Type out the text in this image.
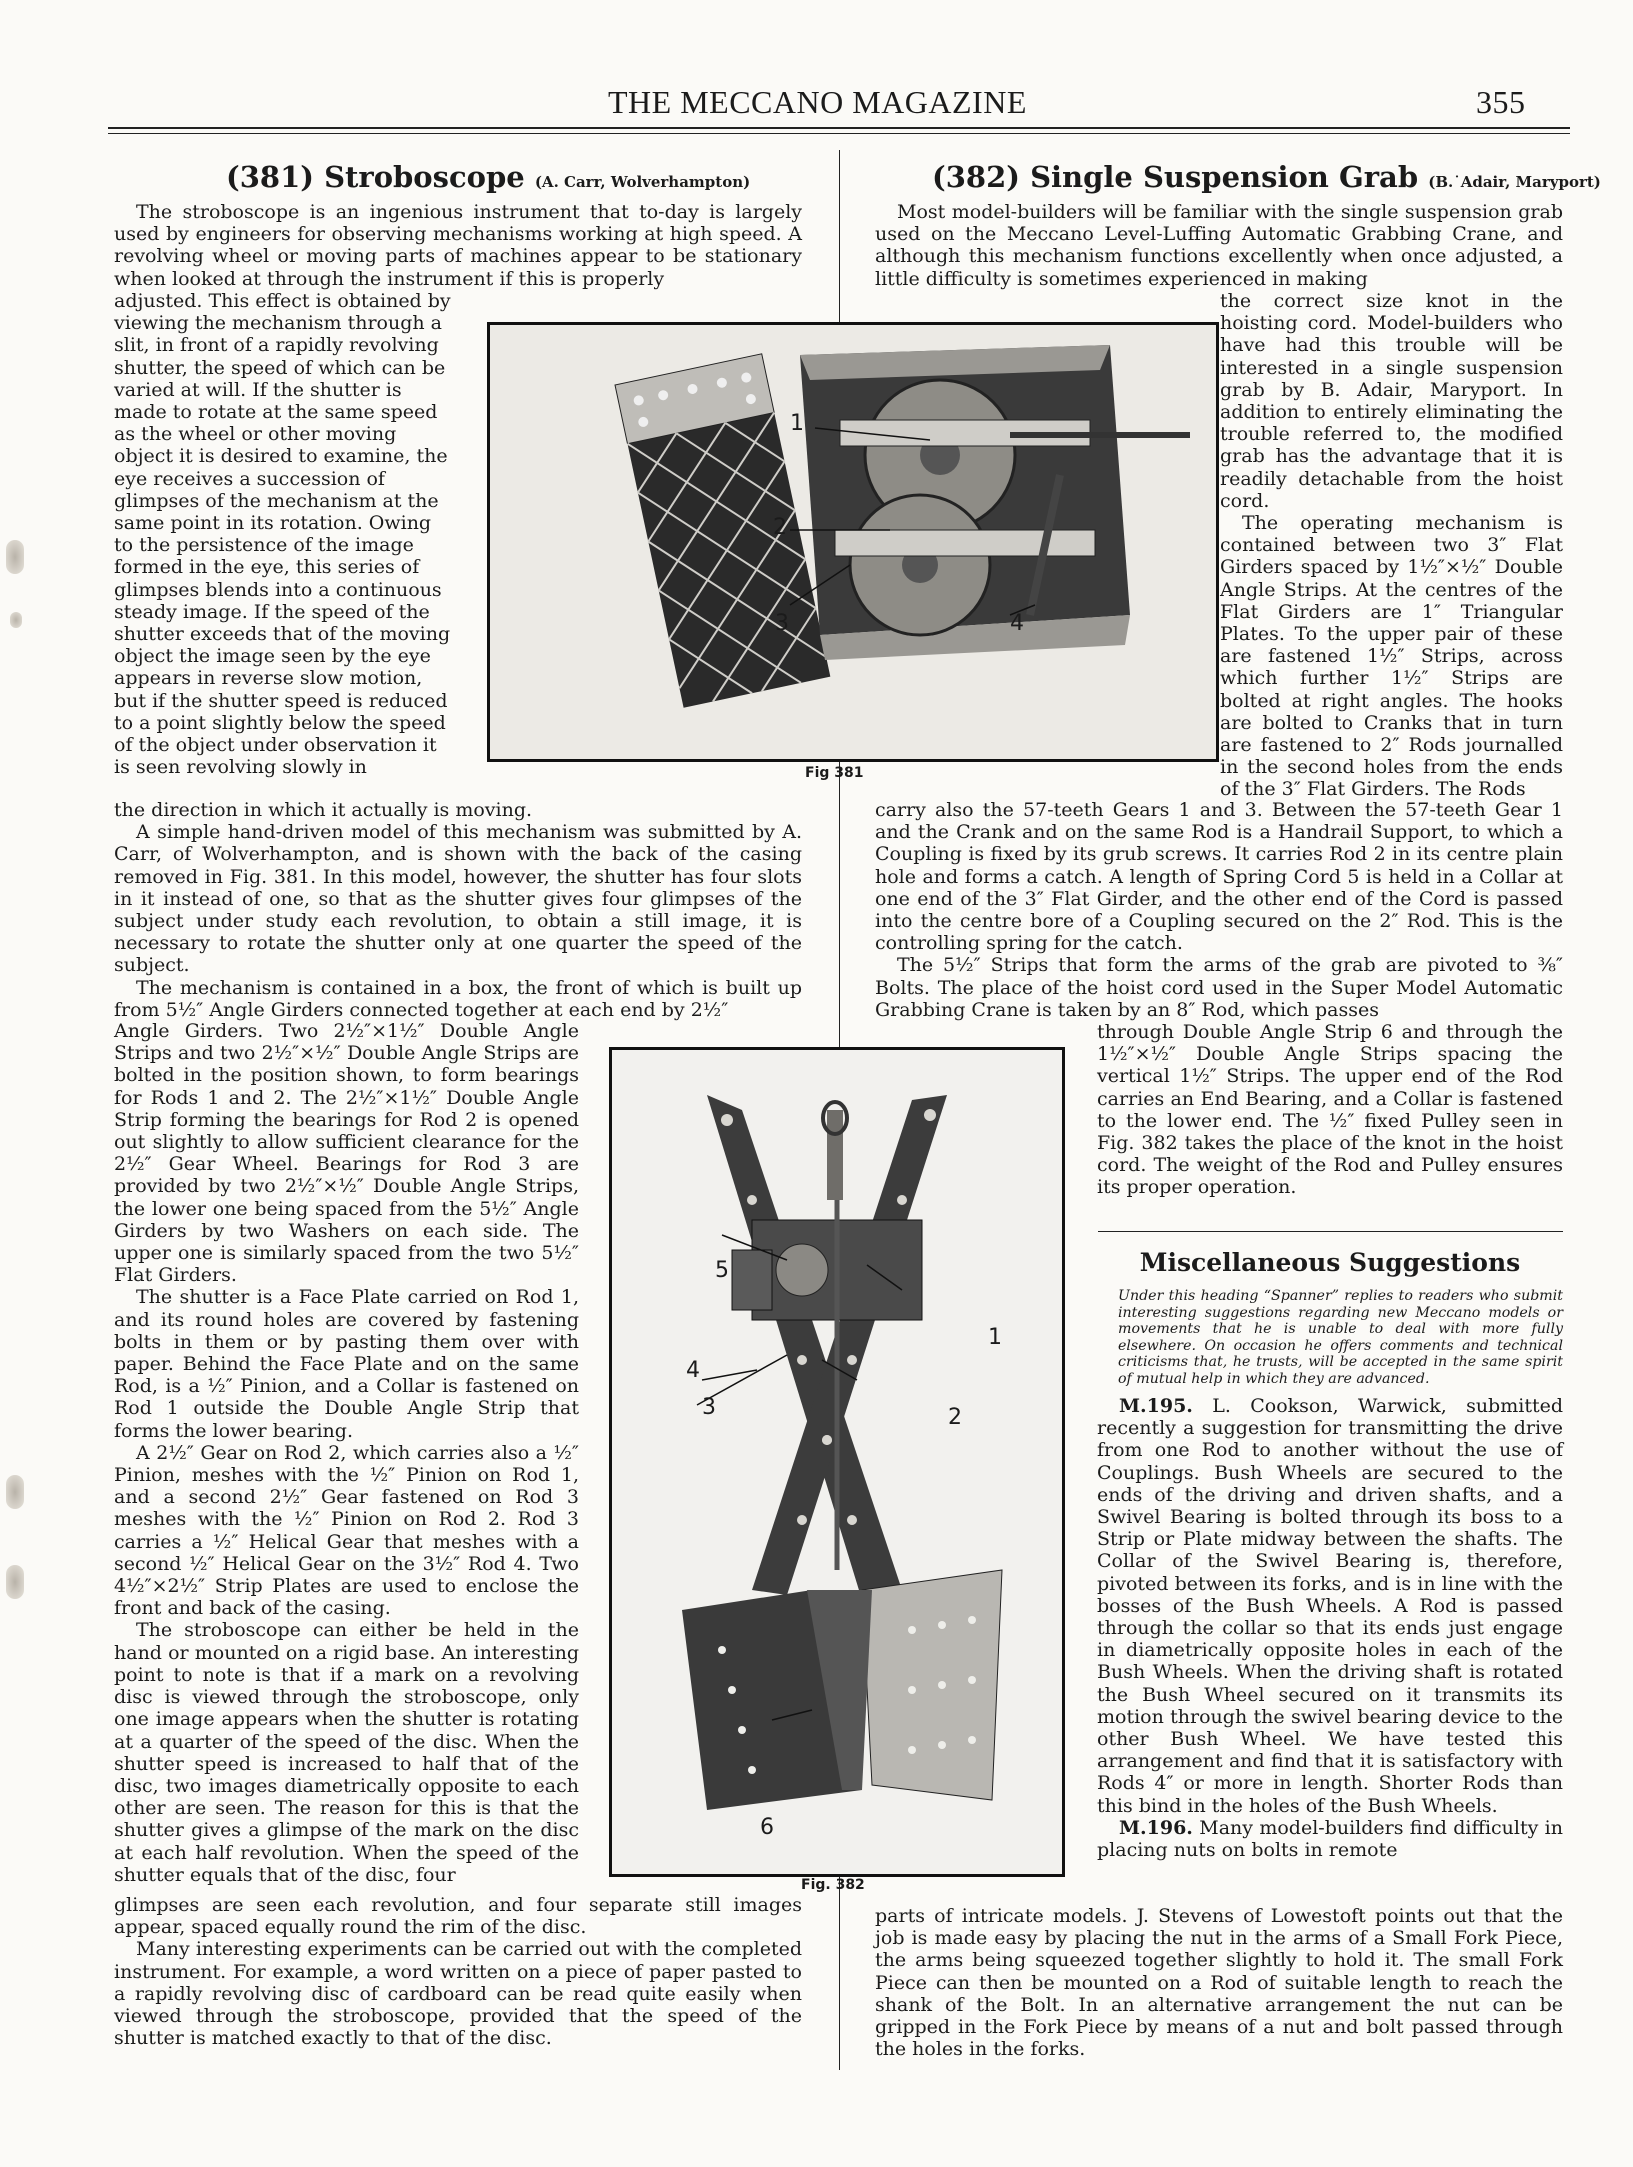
THE MECCANO MAGAZINE	355
(381) Stroboscope (A. Carr, Wolverhampton)

The stroboscope is an ingenious instrument that to-day is largely used by engineers for observing mechanisms working at high speed. A revolving wheel or moving parts of machines appear to be stationary when looked at through the instrument if this is properly

adjusted. This effect is obtained by viewing the mechanism through a slit, in front of a rapidly revolving shutter, the speed of which can be varied at will. If the shutter is made to rotate at the same speed as the wheel or other moving object it is desired to examine, the eye receives a succession of glimpses of the mechanism at the same point in its rotation. Owing to the persistence of the image formed in the eye, this series of glimpses blends into a continuous steady image. If the speed of the shutter exceeds that of the moving object the image seen by the eye appears in reverse slow motion, but if the shutter speed is reduced to a point slightly below the speed of the object under observation it is seen revolving slowly in

1
2
3	4
Fig 381

the direction in which it actually is moving.

A simple hand-driven model of this mechanism was submitted by A. Carr, of Wolverhampton, and is shown with the back of the casing removed in Fig. 381. In this model, however, the shutter has four slots in it instead of one, so that as the shutter gives four glimpses of the subject under study each revolution, to obtain a still image, it is necessary to rotate the shutter only at one quarter the speed of the subject.

The mechanism is contained in a box, the front of which is built up from 5½″ Angle Girders connected together at each end by 2½″

Angle Girders. Two 2½″×1½″ Double Angle Strips and two 2½″×½″ Double Angle Strips are bolted in the position shown, to form bearings for Rods 1 and 2. The 2½″×1½″ Double Angle Strip forming the bearings for Rod 2 is opened out slightly to allow sufficient clearance for the 2½″ Gear Wheel. Bearings for Rod 3 are provided by two 2½″×½″ Double Angle Strips, the lower one being spaced from the 5½″ Angle Girders by two Washers on each side. The upper one is similarly spaced from the two 5½″ Flat Girders.

The shutter is a Face Plate carried on Rod 1, and its round holes are covered by fastening bolts in them or by pasting them over with paper. Behind the Face Plate and on the same Rod, is a ½″ Pinion, and a Collar is fastened on Rod 1 outside the Double Angle Strip that forms the lower bearing.

A 2½″ Gear on Rod 2, which carries also a ½″ Pinion, meshes with the ½″ Pinion on Rod 1, and a second 2½″ Gear fastened on Rod 3 meshes with the ½″ Pinion on Rod 2. Rod 3 carries a ½″ Helical Gear that meshes with a second ½″ Helical Gear on the 3½″ Rod 4. Two 4½″×2½″ Strip Plates are used to enclose the front and back of the casing.

The stroboscope can either be held in the hand or mounted on a rigid base. An interesting point to note is that if a mark on a revolving disc is viewed through the stroboscope, only one image appears when the shutter is rotating at a quarter of the speed of the disc. When the shutter speed is increased to half that of the disc, two images diametrically opposite to each other are seen. The reason for this is that the shutter gives a glimpse of the mark on the disc at each half revolution. When the speed of the shutter equals that of the disc, four

5
1
4
3	2
6
Fig. 382

glimpses are seen each revolution, and four separate still images appear, spaced equally round the rim of the disc.

Many interesting experiments can be carried out with the completed instrument. For example, a word written on a piece of paper pasted to a rapidly revolving disc of cardboard can be read quite easily when viewed through the stroboscope, provided that the speed of the shutter is matched exactly to that of the disc.

(382) Single Suspension Grab (B.˙Adair, Maryport)

Most model-builders will be familiar with the single suspension grab used on the Meccano Level-Luffing Automatic Grabbing Crane, and although this mechanism functions excellently when once adjusted, a little difficulty is sometimes experienced in making

the correct size knot in the hoisting cord. Model-builders who have had this trouble will be interested in a single suspension grab by B. Adair, Maryport. In addition to entirely eliminating the trouble referred to, the modified grab has the advantage that it is readily detachable from the hoist cord.

The operating mechanism is contained between two 3″ Flat Girders spaced by 1½″×½″ Double Angle Strips. At the centres of the Flat Girders are 1″ Triangular Plates. To the upper pair of these are fastened 1½″ Strips, across which further 1½″ Strips are bolted at right angles. The hooks are bolted to Cranks that in turn are fastened to 2″ Rods journalled in the second holes from the ends of the 3″ Flat Girders. The Rods

carry also the 57-teeth Gears 1 and 3. Between the 57-teeth Gear 1 and the Crank and on the same Rod is a Handrail Support, to which a Coupling is fixed by its grub screws. It carries Rod 2 in its centre plain hole and forms a catch. A length of Spring Cord 5 is held in a Collar at one end of the 3″ Flat Girder, and the other end of the Cord is passed into the centre bore of a Coupling secured on the 2″ Rod. This is the controlling spring for the catch.

The 5½″ Strips that form the arms of the grab are pivoted to ⅜″ Bolts. The place of the hoist cord used in the Super Model Automatic Grabbing Crane is taken by an 8″ Rod, which passes

through Double Angle Strip 6 and through the 1½″×½″ Double Angle Strips spacing the vertical 1½″ Strips. The upper end of the Rod carries an End Bearing, and a Collar is fastened to the lower end. The ½″ fixed Pulley seen in Fig. 382 takes the place of the knot in the hoist cord. The weight of the Rod and Pulley ensures its proper operation.

Miscellaneous Suggestions
Under this heading “Spanner” replies to readers who submit interesting suggestions regarding new Meccano models or movements that he is unable to deal with more fully elsewhere. On occasion he offers comments and technical criticisms that, he trusts, will be accepted in the same spirit of mutual help in which they are advanced.

M.195. L. Cookson, Warwick, submitted recently a suggestion for transmitting the drive from one Rod to another without the use of Couplings. Bush Wheels are secured to the ends of the driving and driven shafts, and a Swivel Bearing is bolted through its boss to a Strip or Plate midway between the shafts. The Collar of the Swivel Bearing is, therefore, pivoted between its forks, and is in line with the bosses of the Bush Wheels. A Rod is passed through the collar so that its ends just engage in diametrically opposite holes in each of the Bush Wheels. When the driving shaft is rotated the Bush Wheel secured on it transmits its motion through the swivel bearing device to the other Bush Wheel. We have tested this arrangement and find that it is satisfactory with Rods 4″ or more in length. Shorter Rods than this bind in the holes of the Bush Wheels.

M.196. Many model-builders find difficulty in placing nuts on bolts in remote

parts of intricate models. J. Stevens of Lowestoft points out that the job is made easy by placing the nut in the arms of a Small Fork Piece, the arms being squeezed together slightly to hold it. The small Fork Piece can then be mounted on a Rod of suitable length to reach the shank of the Bolt. In an alternative arrangement the nut can be gripped in the Fork Piece by means of a nut and bolt passed through the holes in the forks.
